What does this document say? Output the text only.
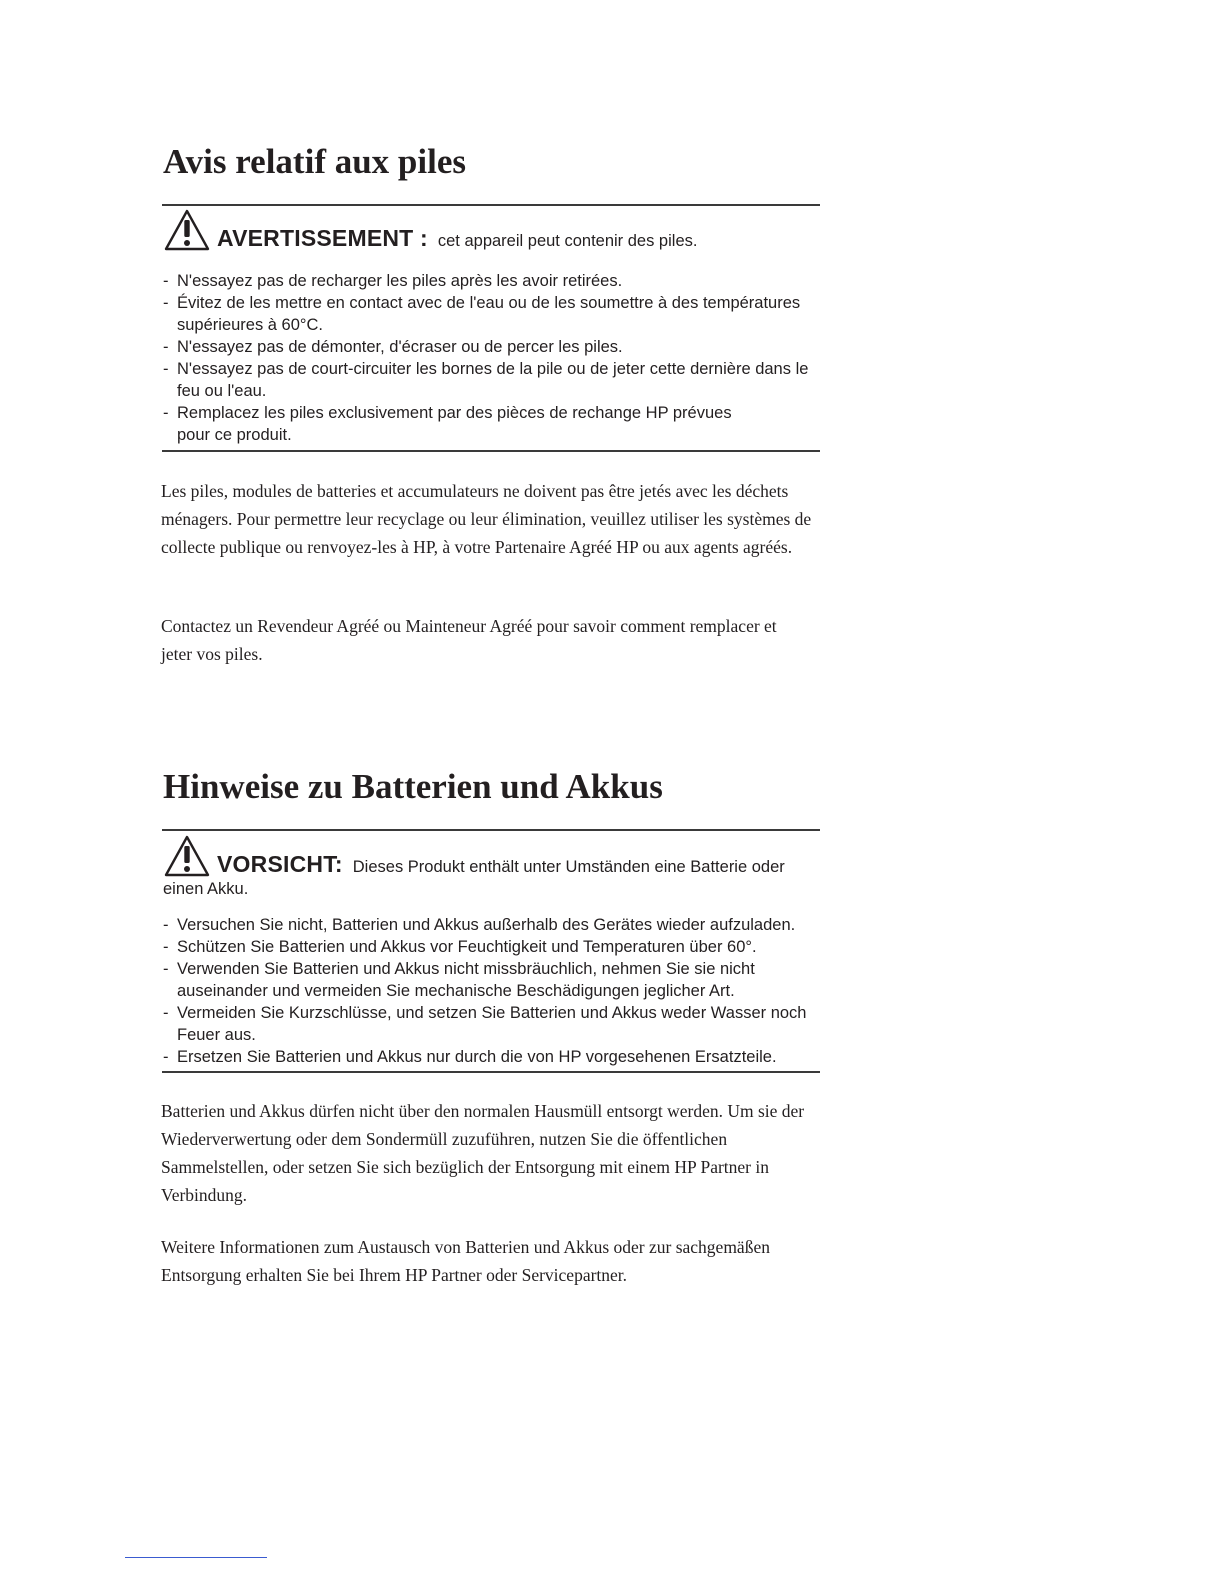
Avis relatif aux piles
AVERTISSEMENT : cet appareil peut contenir des piles.
- N'essayez pas de recharger les piles après les avoir retirées.
- Évitez de les mettre en contact avec de l'eau ou de les soumettre à des températures supérieures à 60°C.
- N'essayez pas de démonter, d'écraser ou de percer les piles.
- N'essayez pas de court-circuiter les bornes de la pile ou de jeter cette dernière dans le feu ou l'eau.
- Remplacez les piles exclusivement par des pièces de rechange HP prévues pour ce produit.

Les piles, modules de batteries et accumulateurs ne doivent pas être jetés avec les déchets ménagers. Pour permettre leur recyclage ou leur élimination, veuillez utiliser les systèmes de collecte publique ou renvoyez-les à HP, à votre Partenaire Agréé HP ou aux agents agréés.

Contactez un Revendeur Agréé ou Mainteneur Agréé pour savoir comment remplacer et jeter vos piles.

Hinweise zu Batterien und Akkus
VORSICHT: Dieses Produkt enthält unter Umständen eine Batterie oder einen Akku.
- Versuchen Sie nicht, Batterien und Akkus außerhalb des Gerätes wieder aufzuladen.
- Schützen Sie Batterien und Akkus vor Feuchtigkeit und Temperaturen über 60°.
- Verwenden Sie Batterien und Akkus nicht missbräuchlich, nehmen Sie sie nicht auseinander und vermeiden Sie mechanische Beschädigungen jeglicher Art.
- Vermeiden Sie Kurzschlüsse, und setzen Sie Batterien und Akkus weder Wasser noch Feuer aus.
- Ersetzen Sie Batterien und Akkus nur durch die von HP vorgesehenen Ersatzteile.

Batterien und Akkus dürfen nicht über den normalen Hausmüll entsorgt werden. Um sie der Wiederverwertung oder dem Sondermüll zuzuführen, nutzen Sie die öffentlichen Sammelstellen, oder setzen Sie sich bezüglich der Entsorgung mit einem HP Partner in Verbindung.

Weitere Informationen zum Austausch von Batterien und Akkus oder zur sachgemäßen Entsorgung erhalten Sie bei Ihrem HP Partner oder Servicepartner.
